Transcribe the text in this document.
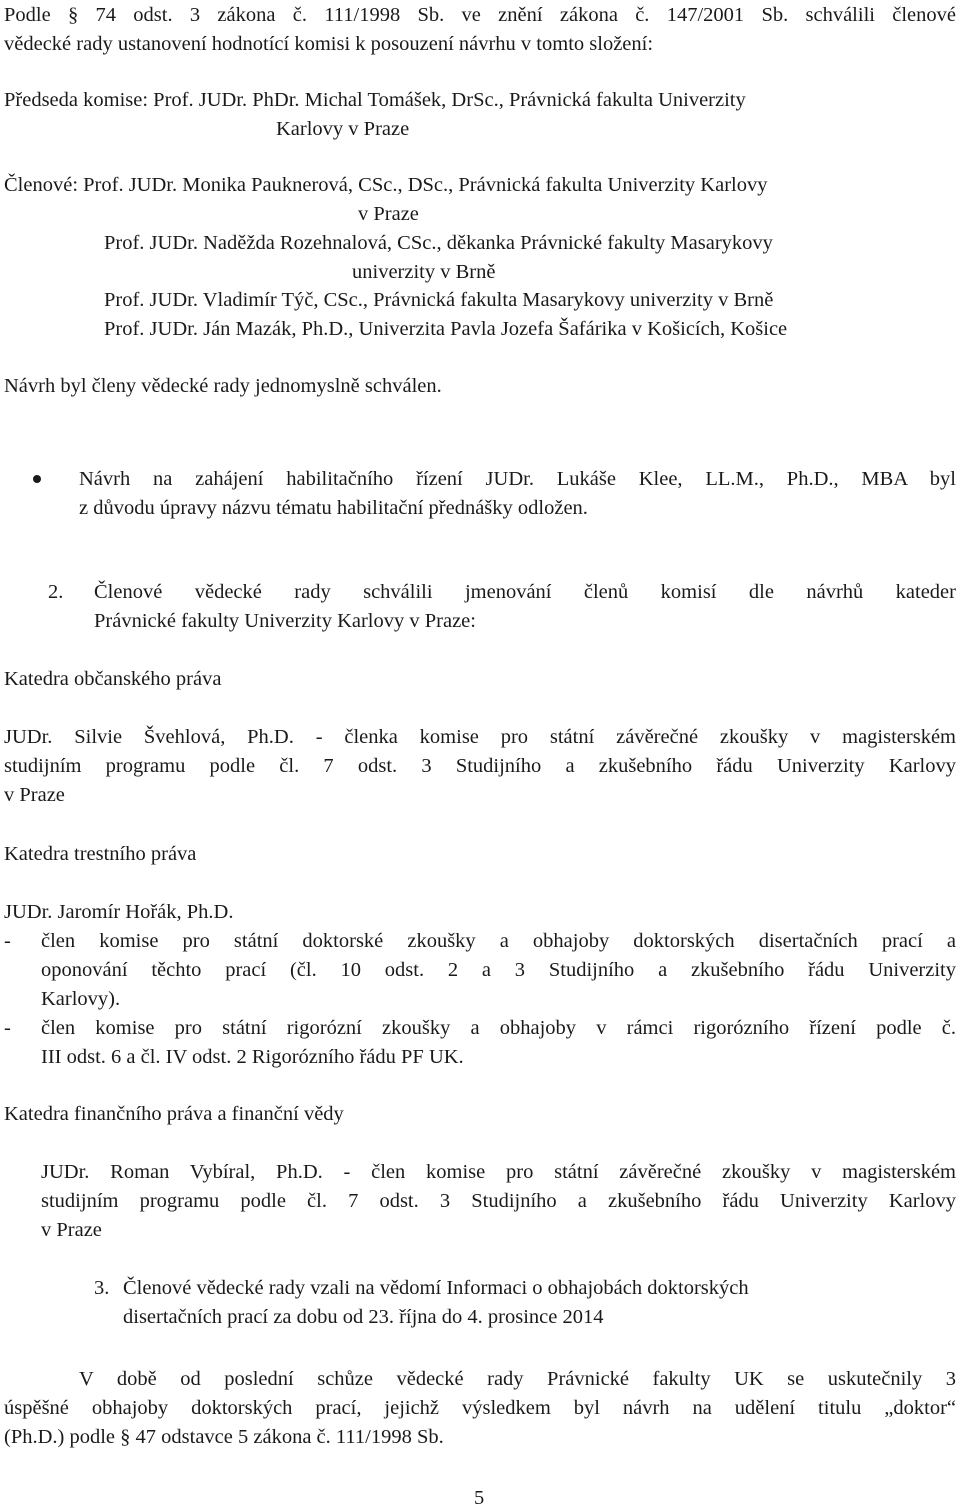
Podle § 74 odst. 3 zákona č. 111/1998 Sb. ve znění zákona č. 147/2001 Sb. schválili členové

vědecké rady ustanovení hodnotící komisi k posouzení návrhu v tomto složení:

Předseda komise: Prof. JUDr. PhDr. Michal Tomášek, DrSc., Právnická fakulta Univerzity

Karlovy v Praze

Členové: Prof. JUDr. Monika Pauknerová, CSc., DSc., Právnická fakulta Univerzity Karlovy

v Praze

Prof. JUDr. Naděžda Rozehnalová, CSc., děkanka Právnické fakulty Masarykovy

univerzity v Brně

Prof. JUDr. Vladimír Týč, CSc., Právnická fakulta Masarykovy univerzity v Brně

Prof. JUDr. Ján Mazák, Ph.D., Univerzita Pavla Jozefa Šafárika v Košicích, Košice

Návrh byl členy vědecké rady jednomyslně schválen.

Návrh na zahájení habilitačního řízení JUDr. Lukáše Klee, LL.M., Ph.D., MBA byl

z důvodu úpravy názvu tématu habilitační přednášky odložen.

2. Členové vědecké rady schválili jmenování členů komisí dle návrhů kateder

Právnické fakulty Univerzity Karlovy v Praze:

Katedra občanského práva

JUDr. Silvie Švehlová, Ph.D. - členka komise pro státní závěrečné zkoušky v magisterském

studijním programu podle čl. 7 odst. 3 Studijního a zkušebního řádu Univerzity Karlovy

v Praze

Katedra trestního práva

JUDr. Jaromír Hořák, Ph.D.

- člen komise pro státní doktorské zkoušky a obhajoby doktorských disertačních prací a

oponování těchto prací (čl. 10 odst. 2 a 3 Studijního a zkušebního řádu Univerzity

Karlovy).

- člen komise pro státní rigorózní zkoušky a obhajoby v rámci rigorózního řízení podle č.

III odst. 6 a čl. IV odst. 2 Rigorózního řádu PF UK.

Katedra finančního práva a finanční vědy

JUDr. Roman Vybíral, Ph.D. - člen komise pro státní závěrečné zkoušky v magisterském

studijním programu podle čl. 7 odst. 3 Studijního a zkušebního řádu Univerzity Karlovy

v Praze

3. Členové vědecké rady vzali na vědomí Informaci o obhajobách doktorských

disertačních prací za dobu od 23. října do 4. prosince 2014

V době od poslední schůze vědecké rady Právnické fakulty UK se uskutečnily 3

úspěšné obhajoby doktorských prací, jejichž výsledkem byl návrh na udělení titulu „doktor“

(Ph.D.) podle § 47 odstavce 5 zákona č. 111/1998 Sb.

5
